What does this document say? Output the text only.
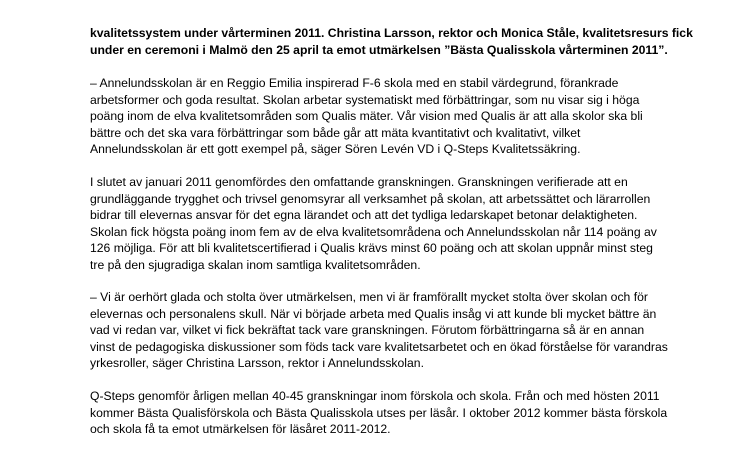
kvalitetssystem under vårterminen 2011. Christina Larsson, rektor och Monica Ståle, kvalitetsresurs fick
under en ceremoni i Malmö den 25 april ta emot utmärkelsen ”Bästa Qualisskola vårterminen 2011”.

– Annelundsskolan är en Reggio Emilia inspirerad F-6 skola med en stabil värdegrund, förankrade
arbetsformer och goda resultat. Skolan arbetar systematiskt med förbättringar, som nu visar sig i höga
poäng inom de elva kvalitetsområden som Qualis mäter. Vår vision med Qualis är att alla skolor ska bli
bättre och det ska vara förbättringar som både går att mäta kvantitativt och kvalitativt, vilket
Annelundsskolan är ett gott exempel på, säger Sören Levén VD i Q-Steps Kvalitetssäkring.

I slutet av januari 2011 genomfördes den omfattande granskningen. Granskningen verifierade att en
grundläggande trygghet och trivsel genomsyrar all verksamhet på skolan, att arbetssättet och lärarrollen
bidrar till elevernas ansvar för det egna lärandet och att det tydliga ledarskapet betonar delaktigheten.
Skolan fick högsta poäng inom fem av de elva kvalitetsområdena och Annelundsskolan når 114 poäng av
126 möjliga. För att bli kvalitetscertifierad i Qualis krävs minst 60 poäng och att skolan uppnår minst steg
tre på den sjugradiga skalan inom samtliga kvalitetsområden.

– Vi är oerhört glada och stolta över utmärkelsen, men vi är framförallt mycket stolta över skolan och för
elevernas och personalens skull. När vi började arbeta med Qualis insåg vi att kunde bli mycket bättre än
vad vi redan var, vilket vi fick bekräftat tack vare granskningen. Förutom förbättringarna så är en annan
vinst de pedagogiska diskussioner som föds tack vare kvalitetsarbetet och en ökad förståelse för varandras
yrkesroller, säger Christina Larsson, rektor i Annelundsskolan.

Q-Steps genomför årligen mellan 40-45 granskningar inom förskola och skola. Från och med hösten 2011
kommer Bästa Qualisförskola och Bästa Qualisskola utses per läsår. I oktober 2012 kommer bästa förskola
och skola få ta emot utmärkelsen för läsåret 2011-2012.
